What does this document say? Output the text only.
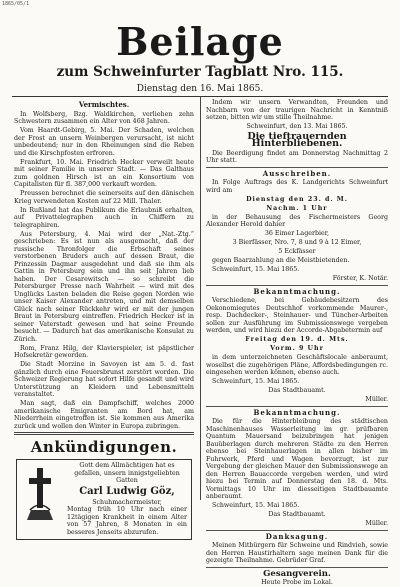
1865/05/1
Beilage
zum Schweinfurter Tagblatt Nro. 115.
Dienstag den 16. Mai 1865.
Vermischtes.

In Wolfsberg, Bzg. Waldkirchen, verliehen zehn Schwestern zusammen ein Alter von 468 Jahren.

Vom Haardt-Gebirg, 5. Mai. Der Schaden, welchen der Frost an unsern Weinbergen verursacht, ist nicht unbedeutend; nur in den Rheinungen sind die Reben und die Kirschpfosten erfroren.

Frankfurt, 10. Mai. Friedrich Hecker verweilt heute mit seiner Familie in unserer Stadt. — Das Galthaus zum goldnen Hirsch ist an ein Konsortium von Capitalisten für fl. 387,000 verkauft worden.

Preussen berechnet die seinerseits auf den dänischen Krieg verwendeten Kosten auf 22 Mill. Thaler.

In Rußland hat das Publikum die Erlaubniß erhalten, auf Privattelegraphen auch in Chiffern zu telegraphiren.

Aus Petersburg, 4. Mai wird der „Nat.-Ztg.“ geschrieben: Es ist nun als ausgemacht, daß der russische Thronfolger die Erbschaft seines verstorbenen Bruders auch auf dessen Braut, die Prinzessin Dagmar ausgedehnt und daß sie ihm als Gattin in Petersburg sein und ihn seit Jahren lieb haben. Der Cesarewitsch — so schreibt die Petersburger Presse nach Wahrheit — wird mit des Unglücks Lasten beladen die Reise gegen Norden wie unser Kaiser Alexander antreten, und mit demselben Glück nach seiner Rückkehr wird er mit der jungen Braut in Petersburg eintreffen. Friedrich Hecker ist in seiner Vaterstadt gewesen und hat seine Freunde besucht. — Dadurch hat das amerikanische Konsulat zu Zürich.

Rom, Franz Hilg, der Klavierspieler, ist päpstlicher Hofsekretär geworden.

Die Stadt Morzine in Savoyen ist am 5. d. fast gänzlich durch eine Feuersbrunst zerstört worden. Die Schweizer Regierung hat sofort Hilfe gesandt und wird Unterstützung an Kleidern und Lebensmitteln veranstaltet.

Man sagt, daß ein Dampfschiff, welches 2000 amerikanische Emigranten am Bord hat, am Niederrhein eingetroffen ist. Sie kommen aus Amerika zurück und wollen den Winter in Europa zubringen.

Ankündigungen.
Gott dem Allmächtigen hat es gefallen, unsern innigstgeliebten Gatten
Carl Ludwig Göz,
Schuhmachermeister,
Montag früh 10 Uhr nach einer 12tägigen Krankheit in einem Alter von 57 Jahren, 8 Monaten in ein besseres Jenseits abzurufen.

Indem wir unsern Verwandten, Freunden und Nachbarn von der traurigen Nachricht in Kenntniß setzen, bitten wir um stille Theilnahme.

Schweinfurt, den 13. Mai 1865.

Die tieftrauernden Hinterbliebenen.

Die Beerdigung findet am Donnerstag Nachmittag 2 Uhr statt.

Ausschreiben.

In Folge Auftrags des K. Landgerichts Schweinfurt wird am

Dienstag den 23. d. M.

Nachm. 1 Uhr

in der Behausung des Fischermeisters Georg Alexander Herold dahier

36 Eimer Lagerbier,

3 Bierfässer, Nro. 7, 8 und 9 à 12 Eimer,

5 Eckfässer

gegen Baarzahlung an die Meistbietenden.

Schweinfurt, 15. Mai 1865.

Förster, K. Notär.

Bekanntmachung.

Verschiedene, bei Gebäudebesitzern des Oekonomiegutes Deutschhof vorkommende Maurer-, resp. Dachdecker-, Steinhauer- und Tüncher-Arbeiten sollen zur Ausführung im Submissionswege vergeben werden, und wird hiezu der Accorde-Abgabetermin auf

Freitag den 19. d. Mts.

Vorm. 9 Uhr

in dem unterzeichneten Geschäftslocale anberaumt, woselbst die zugehörigen Pläne, Affordsbedingungen rc. eingesehen werden können, ebenso auch.

Schweinfurt, 15. Mai 1865.

Das Stadtbauamt.

Müller.

Bekanntmachung.

Die für die Hinterbleibung des städtischen Maschinenhauses Wasserleitung im gr. prüfbaren Quantum Mauersand beizubringen hat jenigen Bauüberlagen durch mehreren Städte zu den Herren ebenso bei Steinhauerlagen in allen bisher im Fuhrwerk, Pferd und Wagen bevorzugt, ist zur Vergebung der gleichen Mauer den Submissionswege an den Herren Bauaccorde vergeben werden, und wird hiezu bei Termin auf Donnerstag den 18. d. Mts. Vormittags 10 Uhr im diesseitigen Stadtbauamte anberaumt.

Schweinfurt, 15. Mai 1865.

Das Stadtbauamt.

Müller.

Danksagung.

Meinen Mitbürgern für Schweine und Rindvieh, sowie den Herren Haustirhaltern sage meinen Dank für die gezeigte Theilnahme. Gebrüder Graf.

Gesangverein.

Heute Probe im Lokal.
